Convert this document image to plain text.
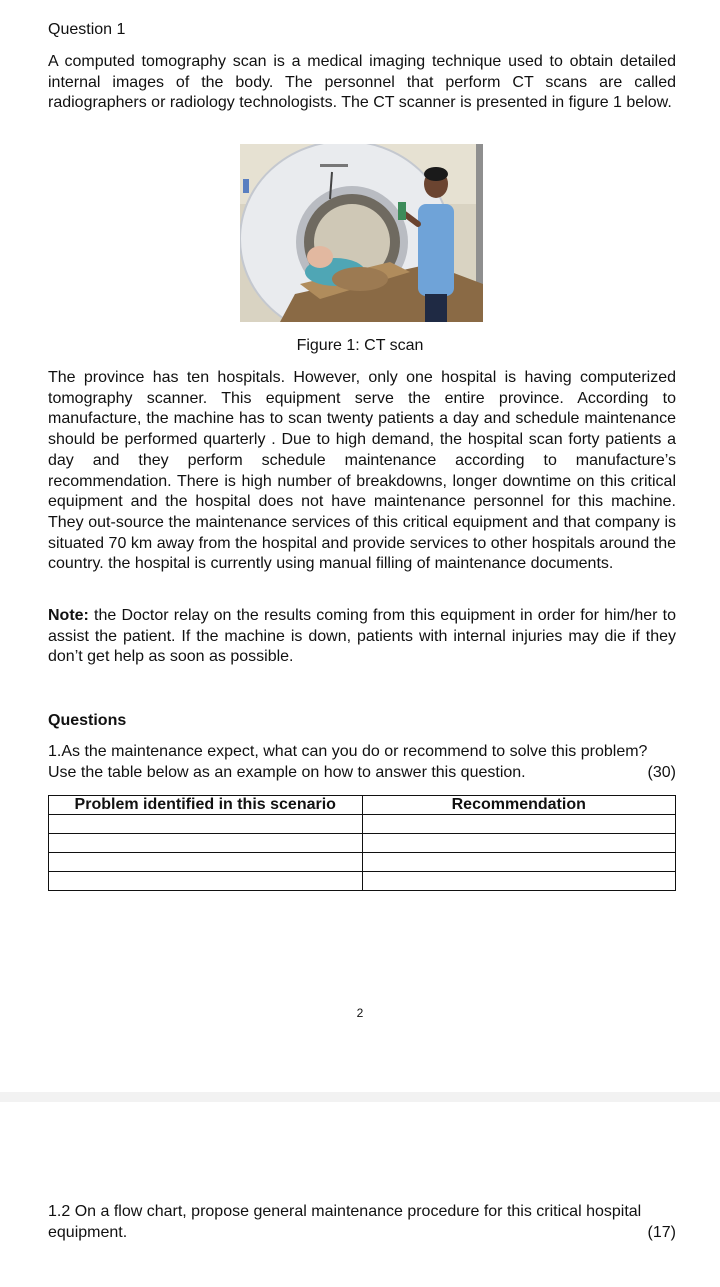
Question 1

A computed tomography scan is a medical imaging technique used to obtain detailed internal images of the body. The personnel that perform CT scans are called radiographers or radiology technologists. The CT scanner is presented in figure 1 below.

Figure 1: CT scan

The province has ten hospitals. However, only one hospital is having computerized tomography scanner. This equipment serve the entire province. According to manufacture, the machine has to scan twenty patients a day and schedule maintenance should be performed quarterly . Due to high demand, the hospital scan forty patients a day and they perform schedule maintenance according to manufacture’s recommendation. There is high number of breakdowns, longer downtime on this critical equipment and the hospital does not have maintenance personnel for this machine. They out-source the maintenance services of this critical equipment and that company is situated 70 km away from the hospital and provide services to other hospitals around the country. the hospital is currently using manual filling of maintenance documents.

Note: the Doctor relay on the results coming from this equipment in order for him/her to assist the patient. If the machine is down, patients with internal injuries may die if they don’t get help as soon as possible.

Questions
1.As the maintenance expect, what can you do or recommend to solve this problem?
Use the table below as an example on how to answer this question.	(30)
Problem identified in this scenario	Recommendation

2
1.2 On a flow chart, propose general maintenance procedure for this critical hospital
equipment.	(17)
